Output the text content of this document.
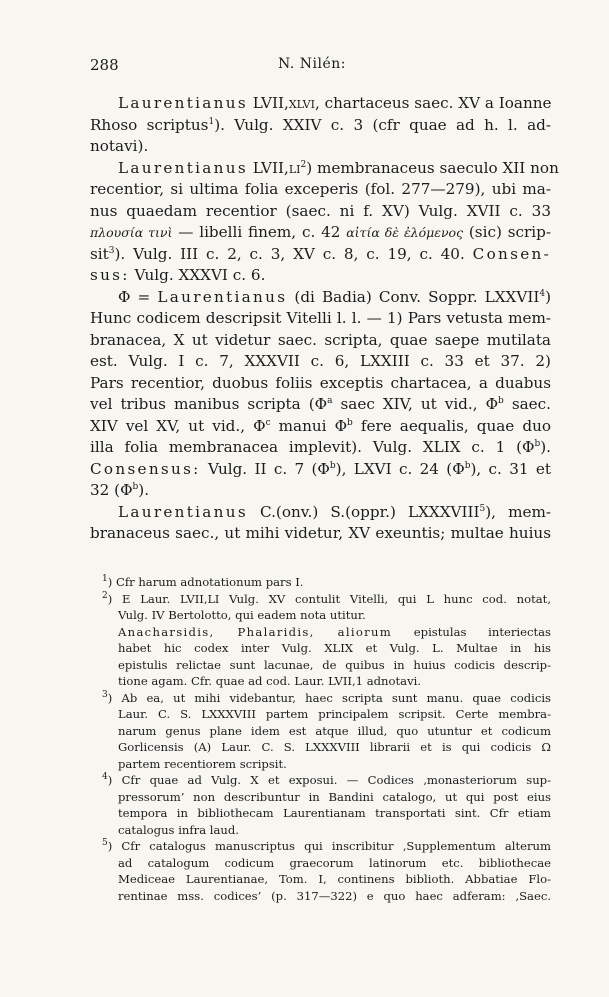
288	N. Nilén:
Laurentianus LVII,XLVI, chartaceus saec. XV a Ioanne
Rhoso scriptus$^1$). Vulg. XXIV c. 3 (cfr quae ad h. l. ad-
notavi).
Laurentianus $LVII,LI^2$) membranaceus saeculo XII non
recentior, si ultima folia exceperis (fol. 277—279), ubi ma-
nus quaedam recentior (saec. ni f. XV) Vulg. XVII c. 33
πλουσία τινὶ — libelli finem, c. 42 αἰτία δὲ ἐλόμενος (sic) scrip-
sit$^3$). Vulg. III c. 2, c. 3, XV c. 8, c. 19, c. 40. Consen-
sus: Vulg. XXXVI c. 6.
Φ = Laurentianus (di Badia) Conv. Soppr. LXXVII$^4$)
Hunc codicem descripsit Vitelli l. l. — 1) Pars vetusta mem-
branacea, X ut videtur saec. scripta, quae saepe mutilata
est. Vulg. I c. 7, XXXVII c. 6, LXXIII c. 33 et 37. 2)
Pars recentior, duobus foliis exceptis chartacea, a duabus
vel tribus manibus scripta ($\Phi^a$ saec XIV, ut vid., $\Phi^b$ saec.
XIV vel XV, ut vid., $\Phi^c$ manui $\Phi^b$ fere aequalis, quae duo
illa folia membranacea implevit). Vulg. XLIX c. 1 $(\Phi^b)$.
Consensus: Vulg. II c. 7 $(\Phi^b)$, LXVI c. 24 $(\Phi^b)$, c. 31 et
32 $(\Phi^b)$.
Laurentianus C.(onv.) S.(oppr.) LXXXVIII$^5$), mem-
branaceus saec., ut mihi videtur, XV exeuntis; multae huius
$^1$) Cfr harum adnotationum pars I.
$^2$) E Laur. LVII,LI Vulg. XV contulit Vitelli, qui L hunc cod. notat,
Vulg. IV Bertolotto, qui eadem nota utitur.
Anacharsidis, Phalaridis, aliorum epistulas interiectas
habet hic codex inter Vulg. XLIX et Vulg. L. Multae in his
epistulis relictae sunt lacunae, de quibus in huius codicis descrip-
tione agam. Cfr. quae ad cod. Laur. LVII,1 adnotavi.
$^3$) Ab ea, ut mihi videbantur, haec scripta sunt manu. quae codicis
Laur. C. S. LXXXVIII partem principalem scripsit. Certe membra-
narum genus plane idem est atque illud, quo utuntur et codicum
Gorlicensis (A) Laur. C. S. LXXXVIII librarii et is qui codicis Ω
partem recentiorem scripsit.
$^4$) Cfr quae ad Vulg. X et exposui. — Codices ‚monasteriorum sup-
pressorum’ non describuntur in Bandini catalogo, ut qui post eius
tempora in bibliothecam Laurentianam transportati sint. Cfr etiam
catalogus infra laud.
$^5$) Cfr catalogus manuscriptus qui inscribitur ‚Supplementum alterum
ad catalogum codicum graecorum latinorum etc. bibliothecae
Mediceae Laurentianae, Tom. I, continens biblioth. Abbatiae Flo-
rentinae mss. codices’ (p. 317—322) e quo haec adferam: ‚Saec.
